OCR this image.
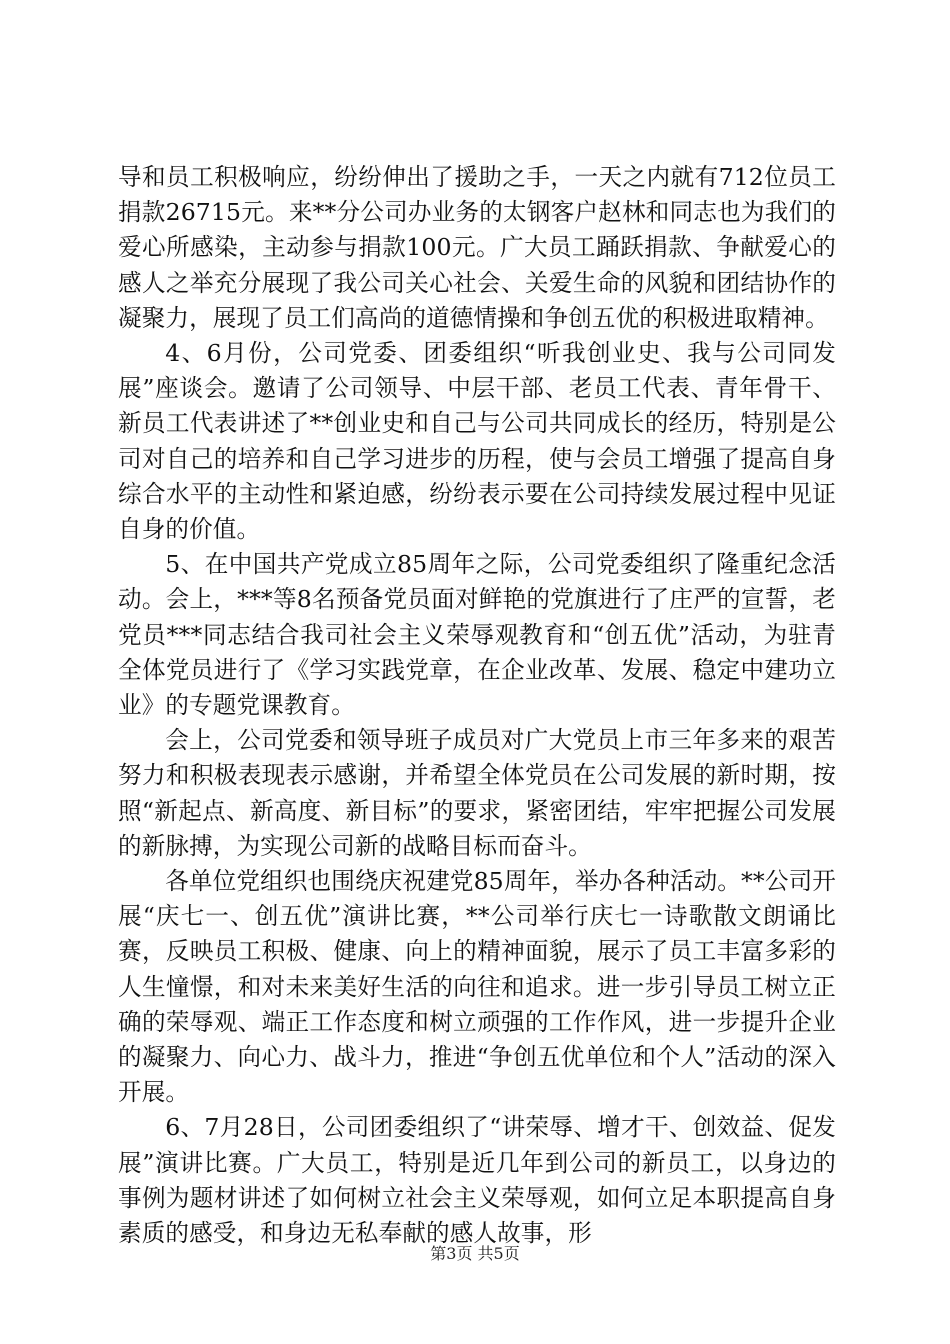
导和员工积极响应，纷纷伸出了援助之手，一天之内就有712位员工捐款26715元。来**分公司办业务的太钢客户赵林和同志也为我们的爱心所感染，主动参与捐款100元。广大员工踊跃捐款、争献爱心的感人之举充分展现了我公司关心社会、关爱生命的风貌和团结协作的凝聚力，展现了员工们高尚的道德情操和争创五优的积极进取精神。

4、6月份，公司党委、团委组织“听我创业史、我与公司同发展”座谈会。邀请了公司领导、中层干部、老员工代表、青年骨干、新员工代表讲述了**创业史和自己与公司共同成长的经历，特别是公司对自己的培养和自己学习进步的历程，使与会员工增强了提高自身综合水平的主动性和紧迫感，纷纷表示要在公司持续发展过程中见证自身的价值。

5、在中国共产党成立85周年之际，公司党委组织了隆重纪念活动。会上，***等8名预备党员面对鲜艳的党旗进行了庄严的宣誓，老党员***同志结合我司社会主义荣辱观教育和“创五优”活动，为驻青全体党员进行了《学习实践党章，在企业改革、发展、稳定中建功立业》的专题党课教育。

会上，公司党委和领导班子成员对广大党员上市三年多来的艰苦努力和积极表现表示感谢，并希望全体党员在公司发展的新时期，按照“新起点、新高度、新目标”的要求，紧密团结，牢牢把握公司发展的新脉搏，为实现公司新的战略目标而奋斗。

各单位党组织也围绕庆祝建党85周年，举办各种活动。**公司开展“庆七一、创五优”演讲比赛，**公司举行庆七一诗歌散文朗诵比赛，反映员工积极、健康、向上的精神面貌，展示了员工丰富多彩的人生憧憬，和对未来美好生活的向往和追求。进一步引导员工树立正确的荣辱观、端正工作态度和树立顽强的工作作风，进一步提升企业的凝聚力、向心力、战斗力，推进“争创五优单位和个人”活动的深入开展。

6、7月28日，公司团委组织了“讲荣辱、增才干、创效益、促发展”演讲比赛。广大员工，特别是近几年到公司的新员工，以身边的事例为题材讲述了如何树立社会主义荣辱观，如何立足本职提高自身素质的感受，和身边无私奉献的感人故事，形

第3页 共5页
